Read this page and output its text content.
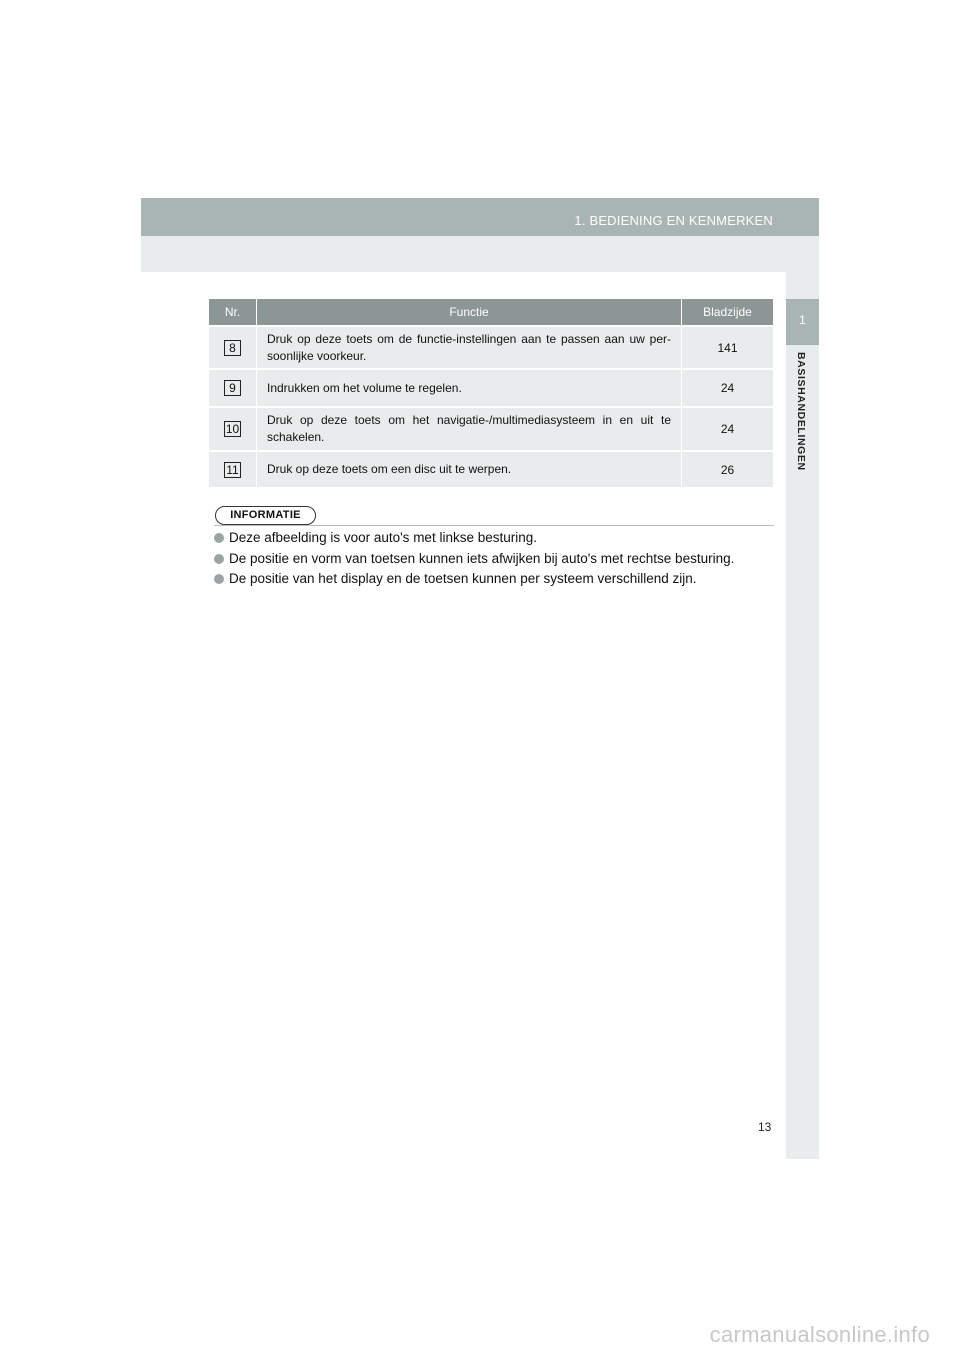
1. BEDIENING EN KENMERKEN
1
BASISHANDELINGEN
Nr.	Functie	Bladzijde
8	Druk op deze toets om de functie-instellingen aan te passen aan uw per-soonlijke voorkeur.	141
9	Indrukken om het volume te regelen.	24
10	Druk op deze toets om het navigatie-/multimediasysteem in en uit te schakelen.	24
11	Druk op deze toets om een disc uit te werpen.	26
INFORMATIE
Deze afbeelding is voor auto's met linkse besturing.
De positie en vorm van toetsen kunnen iets afwijken bij auto's met rechtse besturing.
De positie van het display en de toetsen kunnen per systeem verschillend zijn.
13
carmanualsonline.info
